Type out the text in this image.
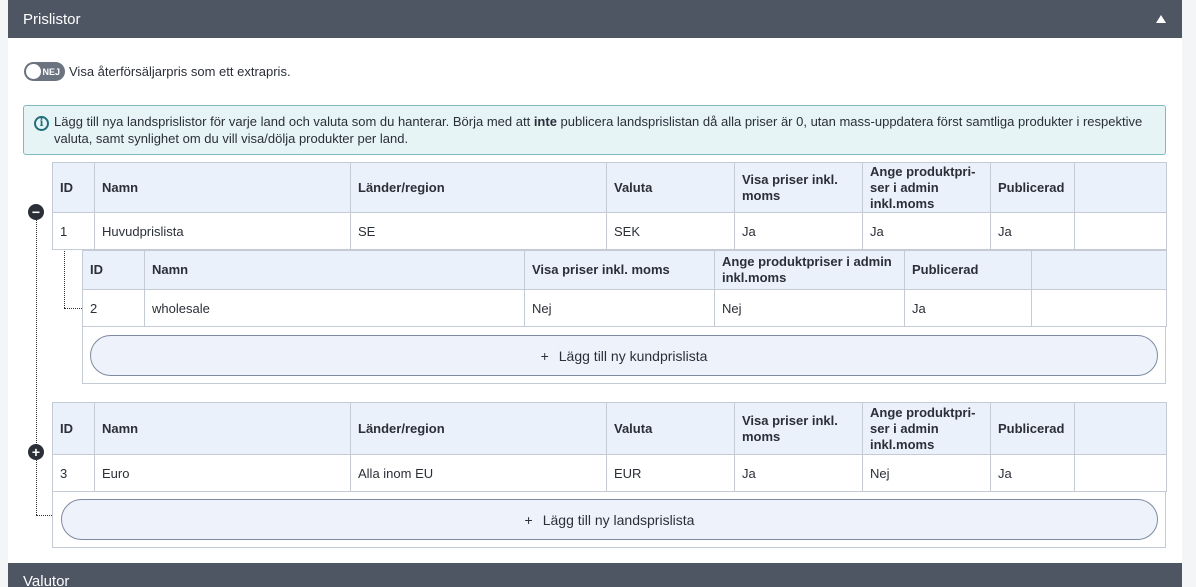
Prislistor
NEJ Visa återförsäljarpris som ett extrapris.
i Lägg till nya landsprislistor för varje land och valuta som du hanterar. Börja med att inte publicera landsprislistan då alla priser är 0, utan mass-uppdatera först samtliga produkter i respektive valuta, samt synlighet om du vill visa/dölja produkter per land.
−
+
ID	Namn	Länder/region	Valuta	Visa priser inkl. moms	Ange produktpri-ser i admin inkl.moms	Publicerad	
1	Huvudprislista	SE	SEK	Ja	Ja	Ja	
ID	Namn	Visa priser inkl. moms	Ange produktpriser i admin inkl.moms	Publicerad	
2	wholesale	Nej	Nej	Ja	
+ Lägg till ny kundprislista
ID	Namn	Länder/region	Valuta	Visa priser inkl. moms	Ange produktpri-ser i admin inkl.moms	Publicerad	
3	Euro	Alla inom EU	EUR	Ja	Nej	Ja	
+ Lägg till ny landsprislista
Valutor
